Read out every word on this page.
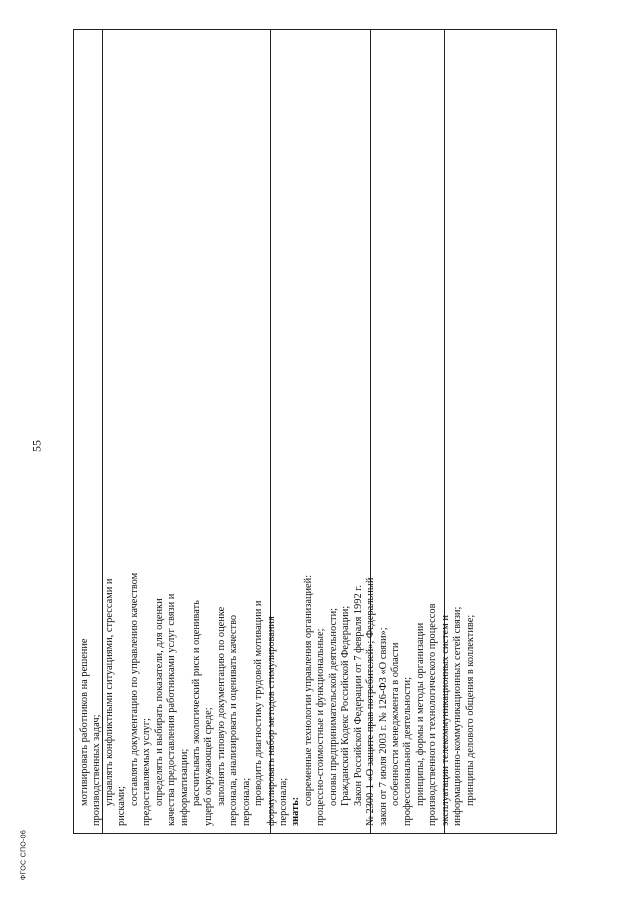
55
мотивировать работников на решение производственных задач; управлять конфликтными ситуациями, стрессами и
рисками;
составлять документацию по управлению качеством предоставляемых услуг; определять и выбирать показатели, для оценки качества предоставления работниками услуг связи и информатизации; рассчитывать экологический риск и оценивать ущерб окружающей среде; заполнять типовую документацию по оценке персонала, анализировать и оценивать качество персонала; проводить диагностику трудовой мотивации и формулировать набор методов стимулирования персонала; знать:
современные технологии управления организацией: процессно-стоимостные и функциональные; основы предпринимательской деятельности; Гражданский Кодекс Российской Федерации; Закон Российской Федерации от 7 февраля 1992 г. № 2300-1 «О защите прав потребителей»; Федеральный закон от 7 июля 2003 г. № 126-ФЗ «О связи»; особенности менеджмента в области профессиональной деятельности; принципы, формы и методы организации производственного и технологического процессов эксплуатации телекоммуникационных систем и информационно-коммуникационных сетей связи; принципы делового общения в коллективе;
ФГОС СПО-06
